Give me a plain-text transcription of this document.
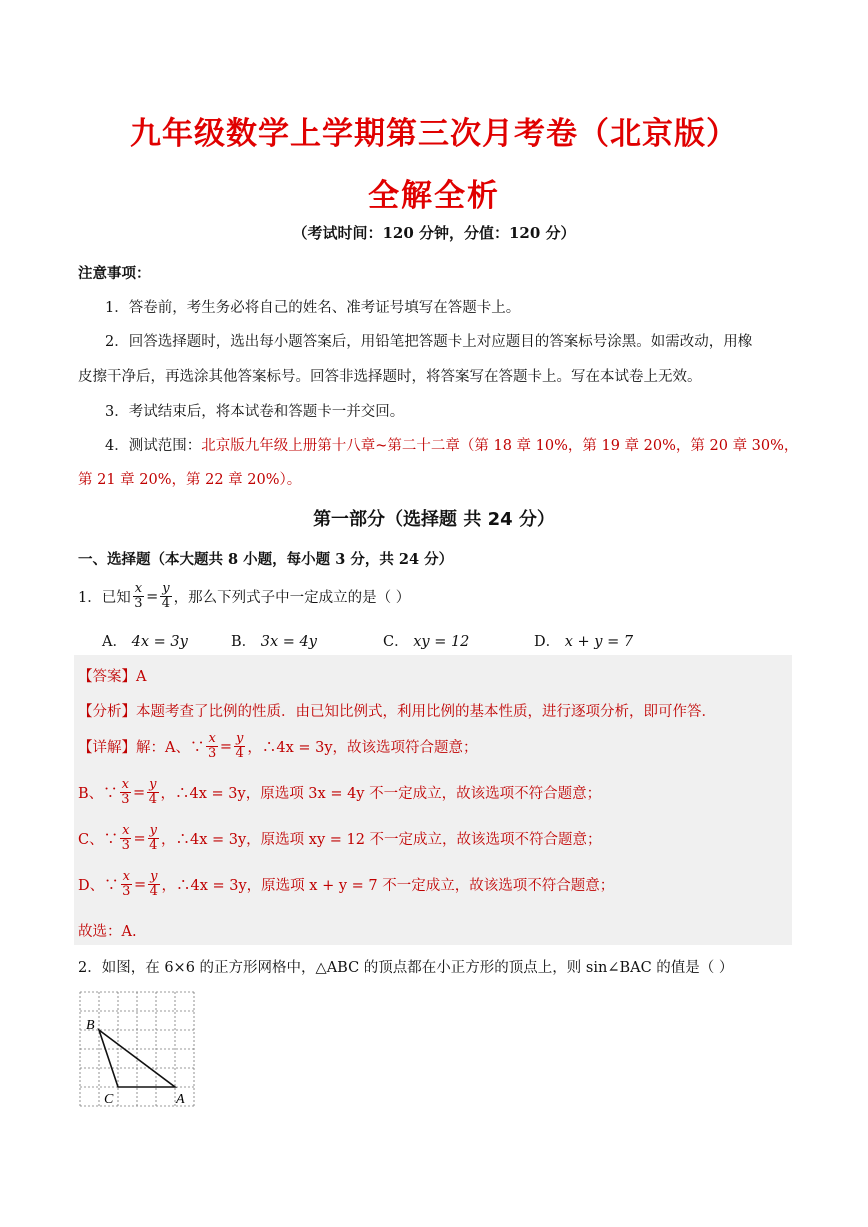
九年级数学上学期第三次月考卷（北京版）
全解全析
（考试时间：120 分钟，分值：120 分）
注意事项：
1．答卷前，考生务必将自己的姓名、准考证号填写在答题卡上。
2．回答选择题时，选出每小题答案后，用铅笔把答题卡上对应题目的答案标号涂黑。如需改动，用橡
皮擦干净后，再选涂其他答案标号。回答非选择题时，将答案写在答题卡上。写在本试卷上无效。
3．考试结束后，将本试卷和答题卡一并交回。
4．测试范围：北京版九年级上册第十八章~第二十二章（第 18 章 10%，第 19 章 20%，第 20 章 30%，
第 21 章 20%，第 22 章 20%）。
第一部分（选择题 共 24 分）
一、选择题（本大题共 8 小题，每小题 3 分，共 24 分）
1．已知 $\frac{x}{3} = \frac{y}{4}$ ，那么下列式子中一定成立的是（ ）
A． 4x = 3y	B． 3x = 4y	C． xy = 12	D． x + y = 7
【答案】A
【分析】本题考查了比例的性质．由已知比例式，利用比例的基本性质，进行逐项分析，即可作答．
【详解】 解：A、∵ $\frac{x}{3} = \frac{y}{4}$ ，∴4x = 3y，故该选项符合题意；
B、∵ $\frac{x}{3} = \frac{y}{4}$ ，∴4x = 3y，原选项 3x = 4y 不一定成立，故该选项不符合题意；
C、∵ $\frac{x}{3} = \frac{y}{4}$ ，∴4x = 3y，原选项 xy = 12 不一定成立，故该选项不符合题意；
D、∵ $\frac{x}{3} = \frac{y}{4}$ ，∴4x = 3y，原选项 x + y = 7 不一定成立，故该选项不符合题意；
故选：A.
2．如图，在 6×6 的正方形网格中，△ABC 的顶点都在小正方形的顶点上，则 sin∠BAC 的值是（ ）
B
C	A
